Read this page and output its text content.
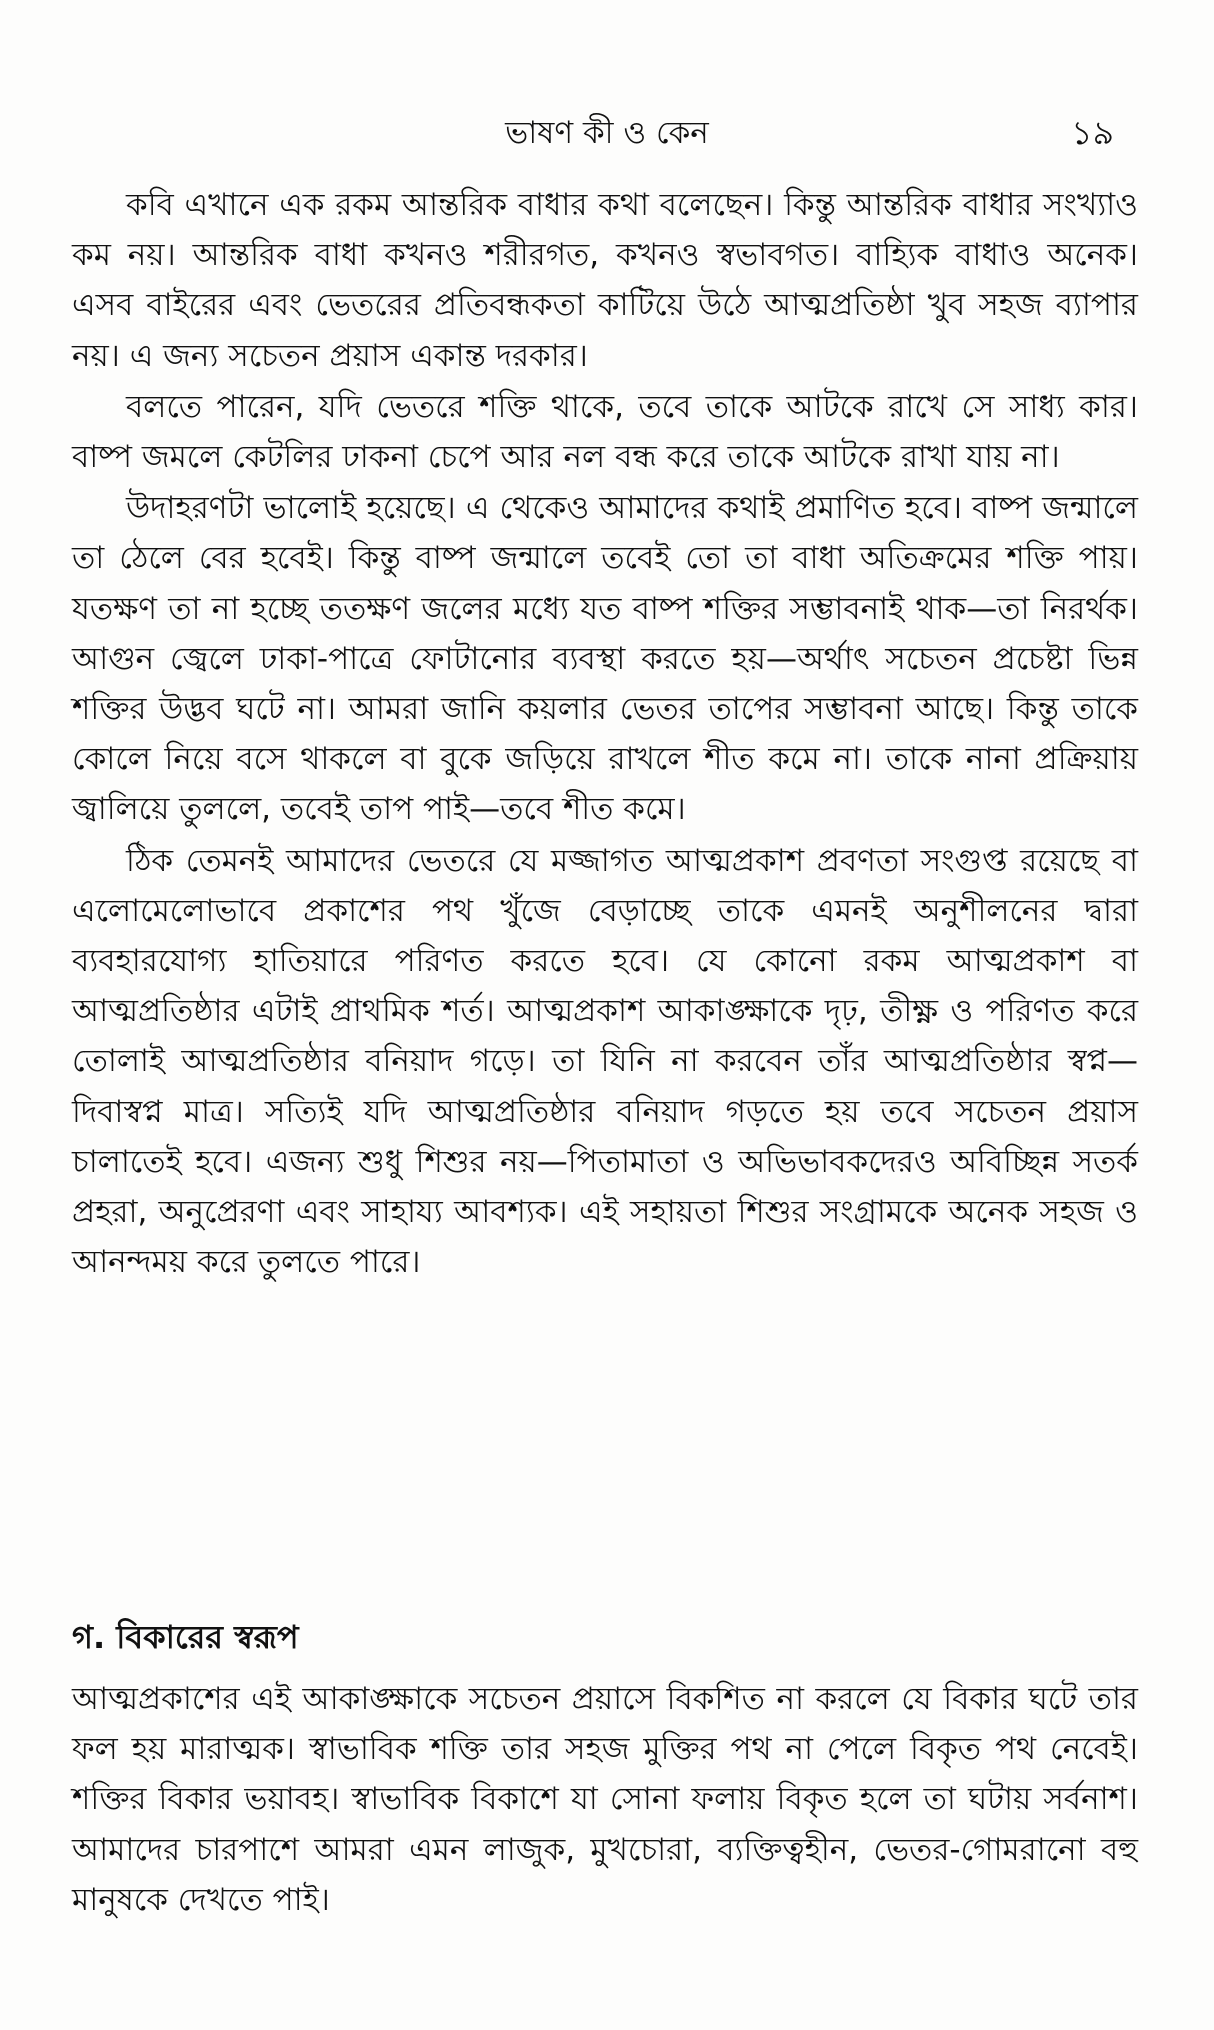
ভাষণ কী ও কেন	১৯

কবি এখানে এক রকম আন্তরিক বাধার কথা বলেছেন। কিন্তু আন্তরিক বাধার সংখ্যাও কম নয়। আন্তরিক বাধা কখনও শরীরগত, কখনও স্বভাবগত। বাহ্যিক বাধাও অনেক। এসব বাইরের এবং ভেতরের প্রতিবন্ধকতা কাটিয়ে উঠে আত্মপ্রতিষ্ঠা খুব সহজ ব্যাপার নয়। এ জন্য সচেতন প্রয়াস একান্ত দরকার।

বলতে পারেন, যদি ভেতরে শক্তি থাকে, তবে তাকে আটকে রাখে সে সাধ্য কার। বাষ্প জমলে কেটলির ঢাকনা চেপে আর নল বন্ধ করে তাকে আটকে রাখা যায় না।

উদাহরণটা ভালোই হয়েছে। এ থেকেও আমাদের কথাই প্রমাণিত হবে। বাষ্প জন্মালে তা ঠেলে বের হবেই। কিন্তু বাষ্প জন্মালে তবেই তো তা বাধা অতিক্রমের শক্তি পায়। যতক্ষণ তা না হচ্ছে ততক্ষণ জলের মধ্যে যত বাষ্প শক্তির সম্ভাবনাই থাক—তা নিরর্থক। আগুন জ্বেলে ঢাকা-পাত্রে ফোটানোর ব্যবস্থা করতে হয়—অর্থাৎ সচেতন প্রচেষ্টা ভিন্ন শক্তির উদ্ভব ঘটে না। আমরা জানি কয়লার ভেতর তাপের সম্ভাবনা আছে। কিন্তু তাকে কোলে নিয়ে বসে থাকলে বা বুকে জড়িয়ে রাখলে শীত কমে না। তাকে নানা প্রক্রিয়ায় জ্বালিয়ে তুললে, তবেই তাপ পাই—তবে শীত কমে।

ঠিক তেমনই আমাদের ভেতরে যে মজ্জাগত আত্মপ্রকাশ প্রবণতা সংগুপ্ত রয়েছে বা এলোমেলোভাবে প্রকাশের পথ খুঁজে বেড়াচ্ছে তাকে এমনই অনুশীলনের দ্বারা ব্যবহারযোগ্য হাতিয়ারে পরিণত করতে হবে। যে কোনো রকম আত্মপ্রকাশ বা আত্মপ্রতিষ্ঠার এটাই প্রাথমিক শর্ত। আত্মপ্রকাশ আকাঙ্ক্ষাকে দৃঢ়, তীক্ষ্ণ ও পরিণত করে তোলাই আত্মপ্রতিষ্ঠার বনিয়াদ গড়ে। তা যিনি না করবেন তাঁর আত্মপ্রতিষ্ঠার স্বপ্ন—দিবাস্বপ্ন মাত্র। সত্যিই যদি আত্মপ্রতিষ্ঠার বনিয়াদ গড়তে হয় তবে সচেতন প্রয়াস চালাতেই হবে। এজন্য শুধু শিশুর নয়—পিতামাতা ও অভিভাবকদেরও অবিচ্ছিন্ন সতর্ক প্রহরা, অনুপ্রেরণা এবং সাহায্য আবশ্যক। এই সহায়তা শিশুর সংগ্রামকে অনেক সহজ ও আনন্দময় করে তুলতে পারে।

গ. বিকারের স্বরূপ

আত্মপ্রকাশের এই আকাঙ্ক্ষাকে সচেতন প্রয়াসে বিকশিত না করলে যে বিকার ঘটে তার ফল হয় মারাত্মক। স্বাভাবিক শক্তি তার সহজ মুক্তির পথ না পেলে বিকৃত পথ নেবেই। শক্তির বিকার ভয়াবহ। স্বাভাবিক বিকাশে যা সোনা ফলায় বিকৃত হলে তা ঘটায় সর্বনাশ। আমাদের চারপাশে আমরা এমন লাজুক, মুখচোরা, ব্যক্তিত্বহীন, ভেতর-গোমরানো বহু মানুষকে দেখতে পাই।
